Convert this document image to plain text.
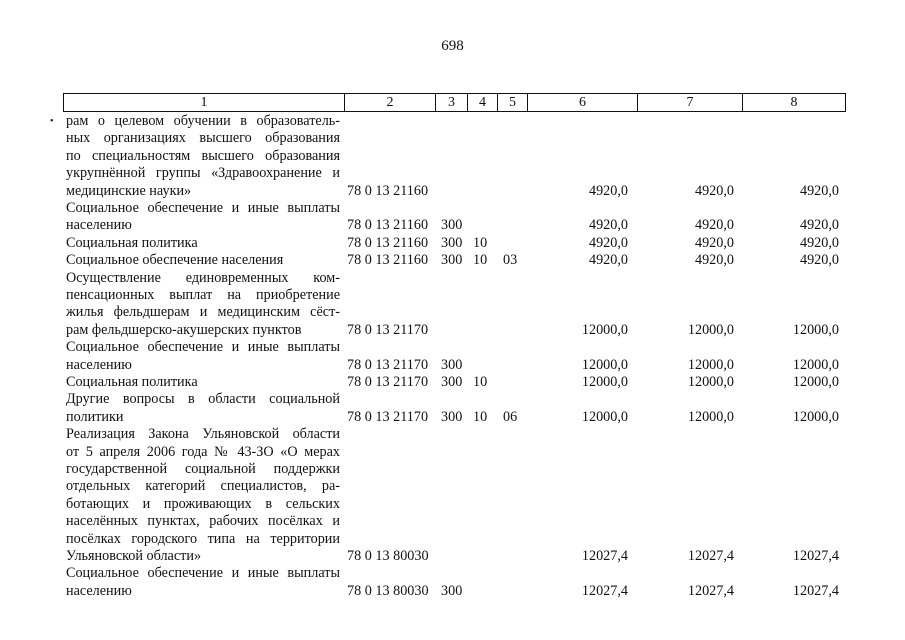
698
1	2	3	4	5	6	7	8
• рам о целевом обучении в образователь-
ных организациях высшего образования
по специальностям высшего образования
укрупнённой группы «Здравоохранение и
медицинские науки»	78 0 13 21160	4920,0	4920,0	4920,0
Социальное обеспечение и иные выплаты
населению	78 0 13 21160 300	4920,0	4920,0	4920,0
Социальная политика	78 0 13 21160 300 10	4920,0	4920,0	4920,0
Социальное обеспечение населения	78 0 13 21160 300 10 03	4920,0	4920,0	4920,0
Осуществление единовременных ком-
пенсационных выплат на приобретение
жилья фельдшерам и медицинским сёст-
рам фельдшерско-акушерских пунктов	78 0 13 21170	12000,0	12000,0	12000,0
Социальное обеспечение и иные выплаты
населению	78 0 13 21170 300	12000,0	12000,0	12000,0
Социальная политика	78 0 13 21170 300 10	12000,0	12000,0	12000,0
Другие вопросы в области социальной
политики	78 0 13 21170 300 10 06	12000,0	12000,0	12000,0
Реализация Закона Ульяновской области
от 5 апреля 2006 года № 43-ЗО «О мерах
государственной социальной поддержки
отдельных категорий специалистов, ра-
ботающих и проживающих в сельских
населённых пунктах, рабочих посёлках и
посёлках городского типа на территории
Ульяновской области»	78 0 13 80030	12027,4	12027,4	12027,4
Социальное обеспечение и иные выплаты
населению	78 0 13 80030 300	12027,4	12027,4	12027,4
